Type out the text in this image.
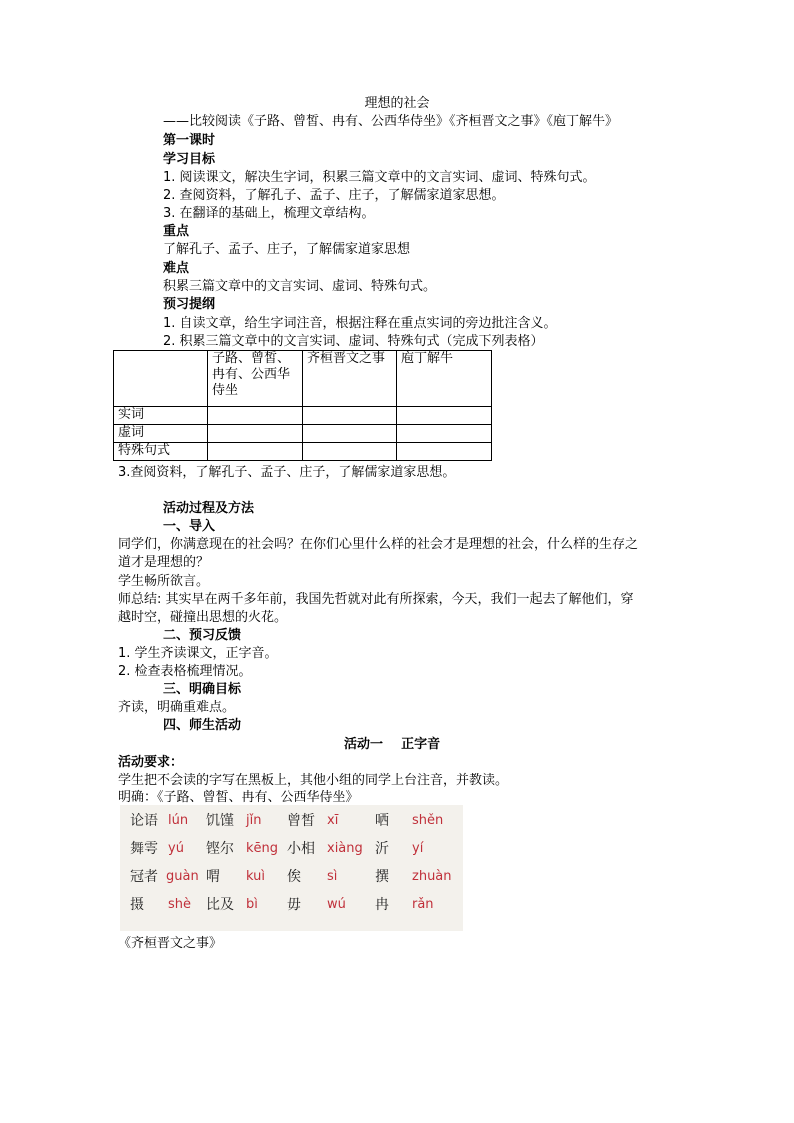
理想的社会
——比较阅读《子路、曾皙、冉有、公西华侍坐》《齐桓晋文之事》《庖丁解牛》
第一课时
学习目标
1. 阅读课文，解决生字词，积累三篇文章中的文言实词、虚词、特殊句式。
2. 查阅资料，了解孔子、孟子、庄子，了解儒家道家思想。
3. 在翻译的基础上，梳理文章结构。
重点
了解孔子、孟子、庄子，了解儒家道家思想
难点
积累三篇文章中的文言实词、虚词、特殊句式。
预习提纲
1. 自读文章，给生字词注音，根据注释在重点实词的旁边批注含义。
2. 积累三篇文章中的文言实词、虚词、特殊句式（完成下列表格）
	子路、曾皙、冉有、公西华侍坐	齐桓晋文之事	庖丁解牛
实词			
虚词			
特殊句式			
3.查阅资料，了解孔子、孟子、庄子，了解儒家道家思想。
活动过程及方法
一、导入
同学们，你满意现在的社会吗？在你们心里什么样的社会才是理想的社会，什么样的生存之
道才是理想的？
学生畅所欲言。
师总结: 其实早在两千多年前，我国先哲就对此有所探索，今天，我们一起去了解他们，穿
越时空，碰撞出思想的火花。
二、预习反馈
1. 学生齐读课文，正字音。
2. 检查表格梳理情况。
三、明确目标
齐读，明确重难点。
四、师生活动
活动一    正字音
活动要求：
学生把不会读的字写在黑板上，其他小组的同学上台注音，并教读。
明确：《子路、曾皙、冉有、公西华侍坐》
论语 lún 饥馑 jǐn 曾皙 xī	哂 shěn
舞雩 yú 铿尔 kēng 小相 xiàng 沂 yí
冠者 guàn 喟 kuì 俟 sì	撰 zhuàn
摄 shè 比及 bì 毋 wú 冉 rǎn
《齐桓晋文之事》
